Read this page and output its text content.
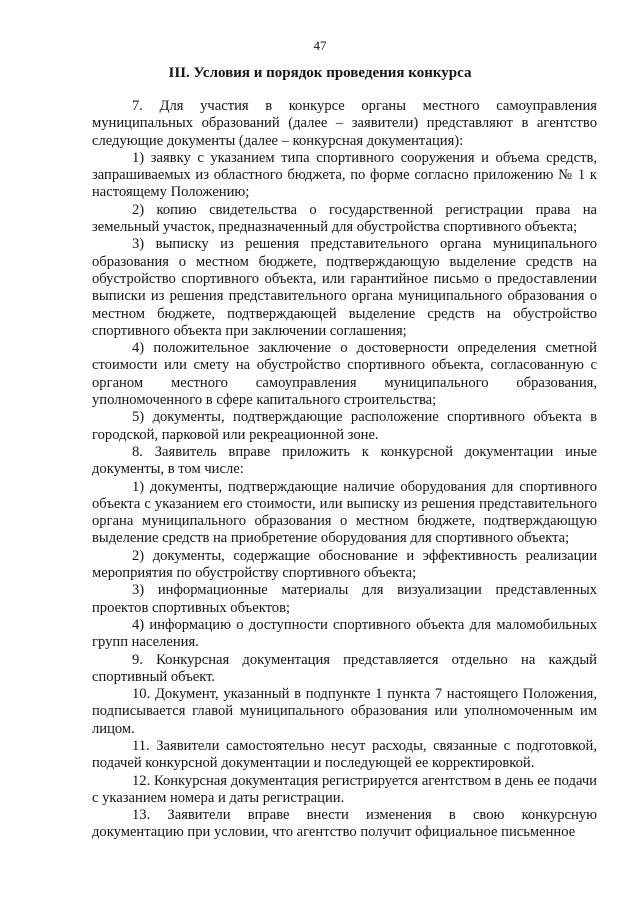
47
III. Условия и порядок проведения конкурса

7. Для участия в конкурсе органы местного самоуправления муниципальных образований (далее – заявители) представляют в агентство следующие документы (далее – конкурсная документация):

1) заявку с указанием типа спортивного сооружения и объема средств, запрашиваемых из областного бюджета, по форме согласно приложению № 1 к настоящему Положению;

2) копию свидетельства о государственной регистрации права на земельный участок, предназначенный для обустройства спортивного объекта;

3) выписку из решения представительного органа муниципального образования о местном бюджете, подтверждающую выделение средств на обустройство спортивного объекта, или гарантийное письмо о предоставлении выписки из решения представительного органа муниципального образования о местном бюджете, подтверждающей выделение средств на обустройство спортивного объекта при заключении соглашения;

4) положительное заключение о достоверности определения сметной стоимости или смету на обустройство спортивного объекта, согласованную с органом местного самоуправления муниципального образования, уполномоченного в сфере капитального строительства;

5) документы, подтверждающие расположение спортивного объекта в городской, парковой или рекреационной зоне.

8. Заявитель вправе приложить к конкурсной документации иные документы, в том числе:

1) документы, подтверждающие наличие оборудования для спортивного объекта с указанием его стоимости, или выписку из решения представительного органа муниципального образования о местном бюджете, подтверждающую выделение средств на приобретение оборудования для спортивного объекта;

2) документы, содержащие обоснование и эффективность реализации мероприятия по обустройству спортивного объекта;

3) информационные материалы для визуализации представленных проектов спортивных объектов;

4) информацию о доступности спортивного объекта для маломобильных групп населения.

9. Конкурсная документация представляется отдельно на каждый спортивный объект.

10. Документ, указанный в подпункте 1 пункта 7 настоящего Положения, подписывается главой муниципального образования или уполномоченным им лицом.

11. Заявители самостоятельно несут расходы, связанные с подготовкой, подачей конкурсной документации и последующей ее корректировкой.

12. Конкурсная документация регистрируется агентством в день ее подачи с указанием номера и даты регистрации.

13. Заявители вправе внести изменения в свою конкурсную документацию при условии, что агентство получит официальное письменное
